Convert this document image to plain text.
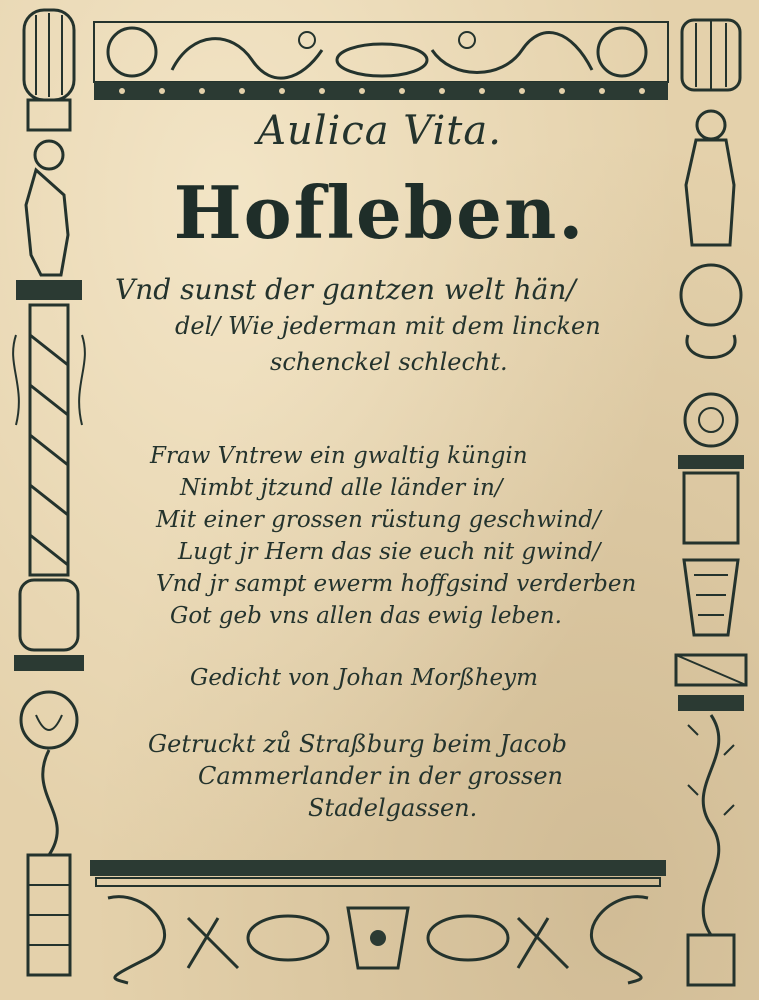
Aulica Vita.
Hofleben.
Vnd sunst der gantzen welt hän/
del/ Wie jederman mit dem lincken
schenckel schlecht.
Fraw Vntrew ein gwaltig küngin
Nimbt jtzund alle länder in/
Mit einer grossen rüstung geschwind/
Lugt jr Hern das sie euch nit gwind/
Vnd jr sampt ewerm hoffgsind verderben
Got geb vns allen das ewig leben.
Gedicht von Johan Morßheym
Getruckt zů Straßburg beim Jacob
Cammerlander in der grossen
Stadelgassen.
